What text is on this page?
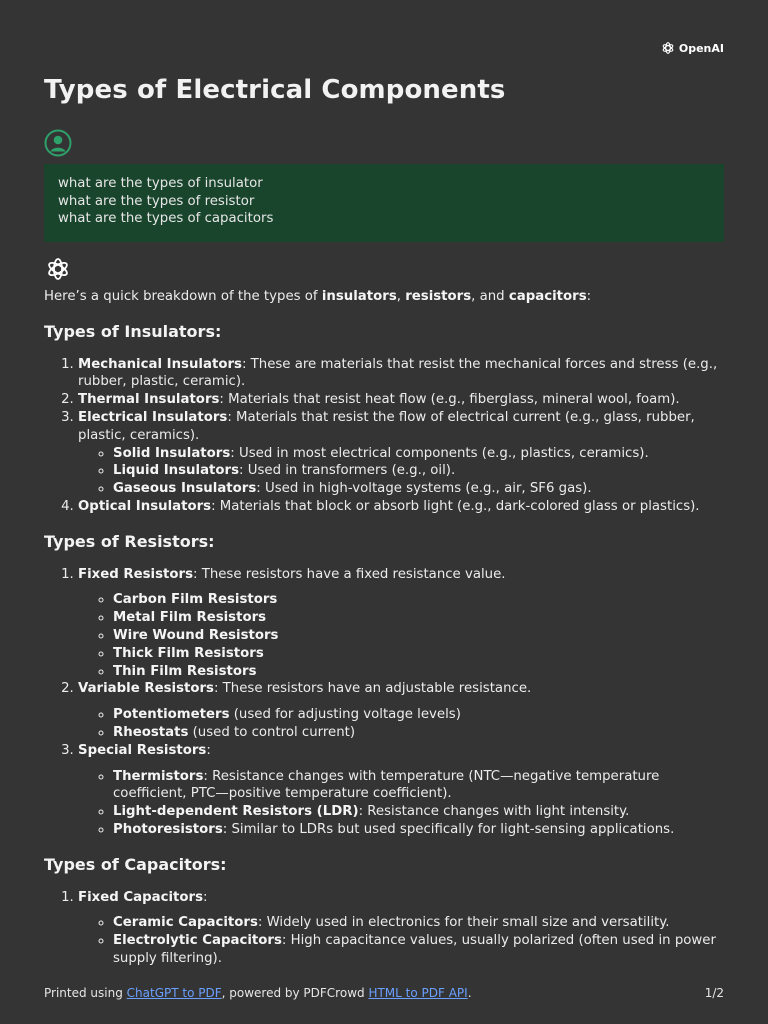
OpenAI
Types of Electrical Components
what are the types of insulator
what are the types of resistor
what are the types of capacitors

Here’s a quick breakdown of the types of insulators, resistors, and capacitors:

Types of Insulators:
1. Mechanical Insulators: These are materials that resist the mechanical forces and stress (e.g., rubber, plastic, ceramic).
2. Thermal Insulators: Materials that resist heat flow (e.g., fiberglass, mineral wool, foam).
3. Electrical Insulators: Materials that resist the flow of electrical current (e.g., glass, rubber, plastic, ceramics).
◦ Solid Insulators: Used in most electrical components (e.g., plastics, ceramics).
◦ Liquid Insulators: Used in transformers (e.g., oil).
◦ Gaseous Insulators: Used in high-voltage systems (e.g., air, SF6 gas).
4. Optical Insulators: Materials that block or absorb light (e.g., dark-colored glass or plastics).
Types of Resistors:
1. Fixed Resistors: These resistors have a fixed resistance value.
◦ Carbon Film Resistors
◦ Metal Film Resistors
◦ Wire Wound Resistors
◦ Thick Film Resistors
◦ Thin Film Resistors
2. Variable Resistors: These resistors have an adjustable resistance.
◦ Potentiometers (used for adjusting voltage levels)
◦ Rheostats (used to control current)
3. Special Resistors:
◦ Thermistors: Resistance changes with temperature (NTC—negative temperature coefficient, PTC—positive temperature coefficient).
◦ Light-dependent Resistors (LDR): Resistance changes with light intensity.
◦ Photoresistors: Similar to LDRs but used specifically for light-sensing applications.
Types of Capacitors:
1. Fixed Capacitors:
◦ Ceramic Capacitors: Widely used in electronics for their small size and versatility.
◦ Electrolytic Capacitors: High capacitance values, usually polarized (often used in power supply filtering).
Printed using ChatGPT to PDF, powered by PDFCrowd HTML to PDF API.	1/2
